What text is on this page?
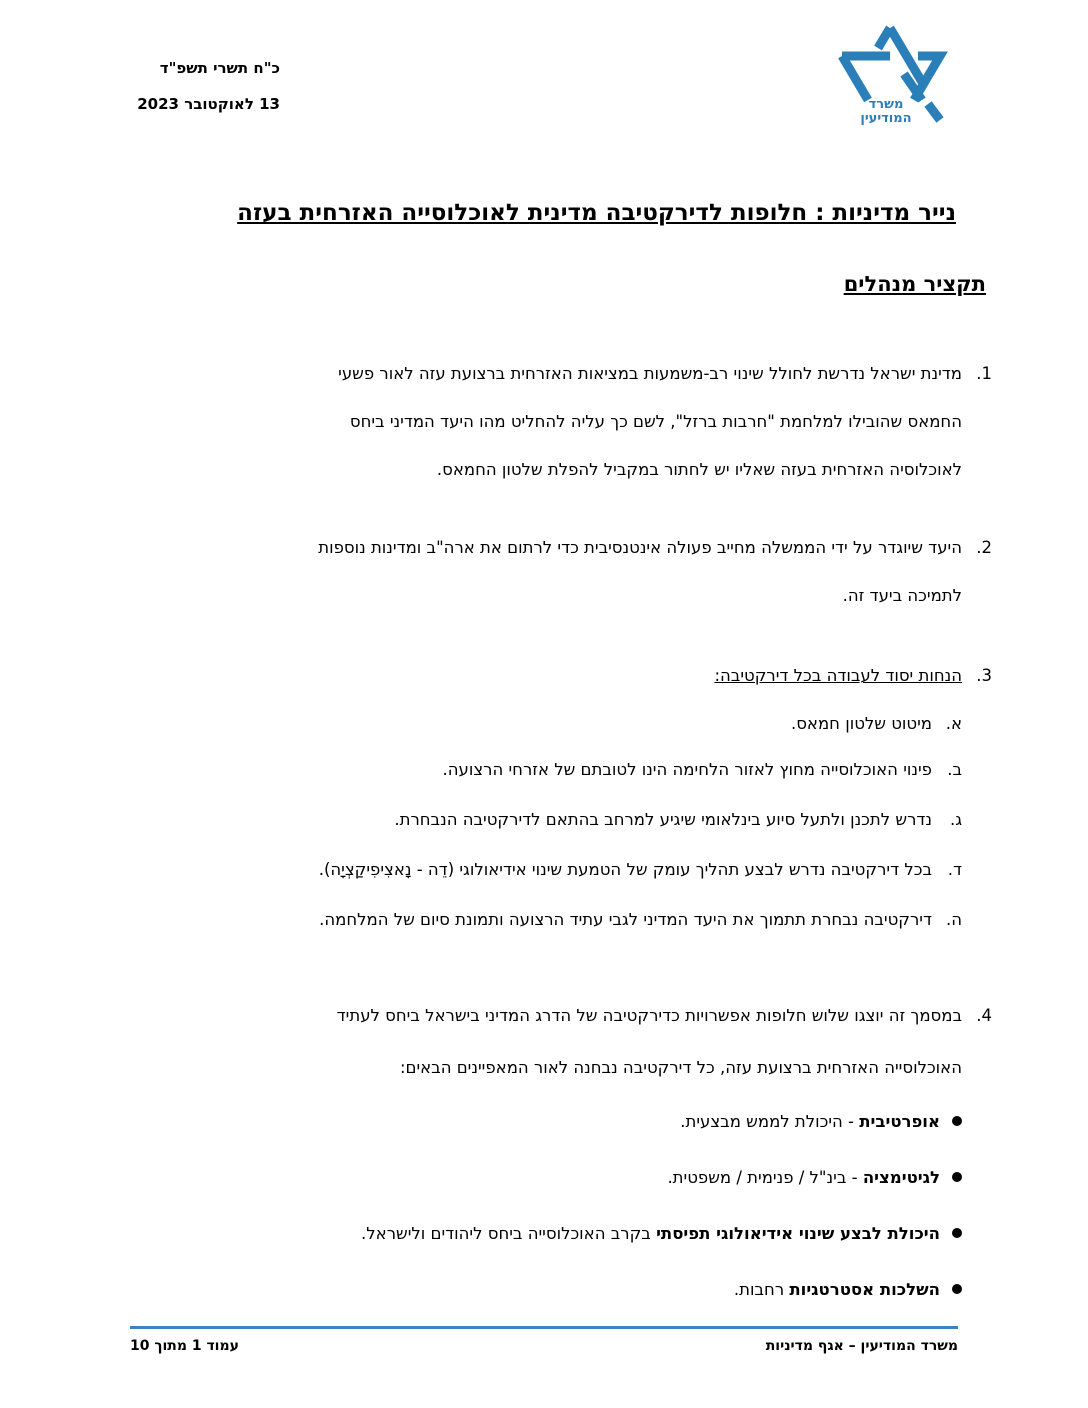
משרד
המודיעין
כ"ח תשרי תשפ"ד
13 לאוקטובר 2023
נייר מדיניות : חלופות לדירקטיבה מדינית לאוכלוסייה האזרחית בעזה
תקציר מנהלים
1.
מדינת ישראל נדרשת לחולל שינוי רב-משמעות במציאות האזרחית ברצועת עזה לאור פשעי
החמאס שהובילו למלחמת "חרבות ברזל", לשם כך עליה להחליט מהו היעד המדיני ביחס
לאוכלוסיה האזרחית בעזה שאליו יש לחתור במקביל להפלת שלטון החמאס.
2.
היעד שיוגדר על ידי הממשלה מחייב פעולה אינטנסיבית כדי לרתום את ארה"ב ומדינות נוספות
לתמיכה ביעד זה.
3.
הנחות יסוד לעבודה בכל דירקטיבה:
א.מיטוט שלטון חמאס.
ב.פינוי האוכלוסייה מחוץ לאזור הלחימה הינו לטובתם של אזרחי הרצועה.
ג.נדרש לתכנן ולתעל סיוע בינלאומי שיגיע למרחב בהתאם לדירקטיבה הנבחרת.
ד.בכל דירקטיבה נדרש לבצע תהליך עומק של הטמעת שינוי אידיאולוגי (דֵה - נָאצִיפִיקַצְיָה).
ה.דירקטיבה נבחרת תתמוך את היעד המדיני לגבי עתיד הרצועה ותמונת סיום של המלחמה.
4.
במסמך זה יוצגו שלוש חלופות אפשרויות כדירקטיבה של הדרג המדיני בישראל ביחס לעתיד
האוכלוסייה האזרחית ברצועת עזה, כל דירקטיבה נבחנה לאור המאפיינים הבאים:
אופרטיבית - היכולת לממש מבצעית.
לגיטימציה - בינ"ל / פנימית / משפטית.
היכולת לבצע שינוי אידיאולוגי תפיסתי בקרב האוכלוסייה ביחס ליהודים ולישראל.
השלכות אסטרטגיות רחבות.
משרד המודיעין – אגף מדיניות
עמוד 1 מתוך 10
